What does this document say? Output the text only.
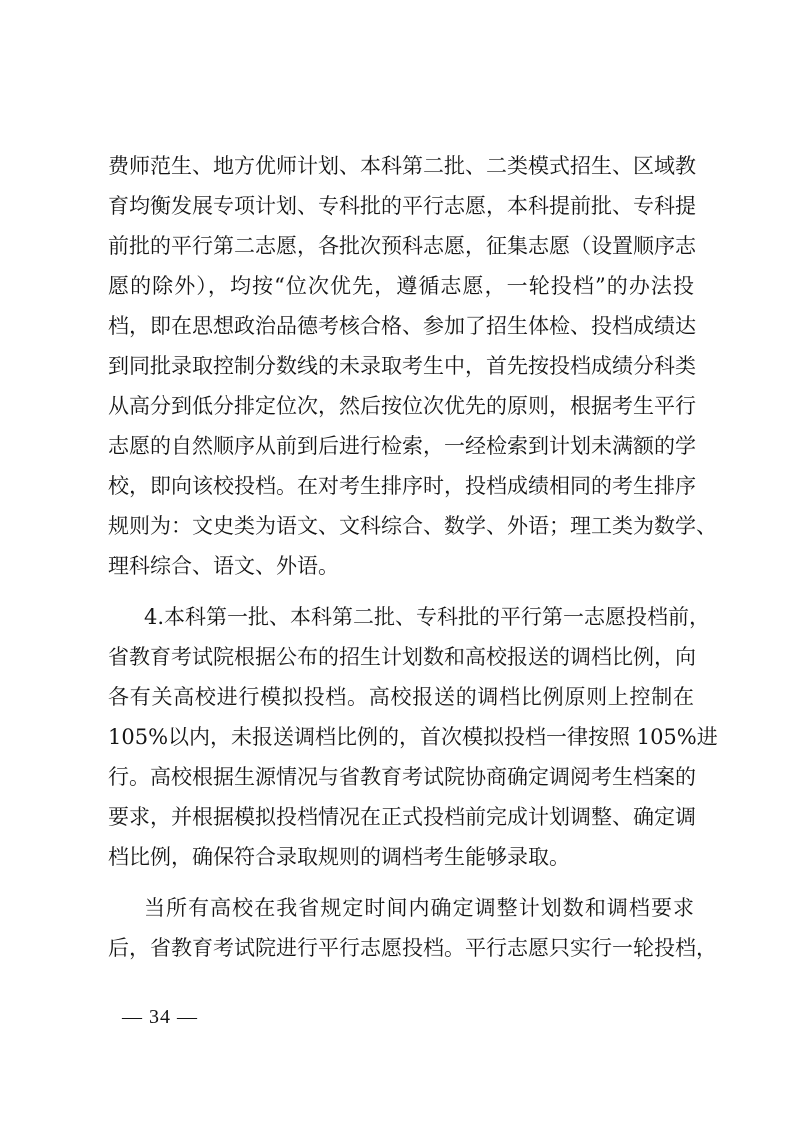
费师范生、地方优师计划、本科第二批、二类模式招生、区域教
育均衡发展专项计划、专科批的平行志愿，本科提前批、专科提
前批的平行第二志愿，各批次预科志愿，征集志愿（设置顺序志
愿的除外），均按“位次优先，遵循志愿，一轮投档”的办法投
档，即在思想政治品德考核合格、参加了招生体检、投档成绩达
到同批录取控制分数线的未录取考生中，首先按投档成绩分科类
从高分到低分排定位次，然后按位次优先的原则，根据考生平行
志愿的自然顺序从前到后进行检索，一经检索到计划未满额的学
校，即向该校投档。在对考生排序时，投档成绩相同的考生排序
规则为：文史类为语文、文科综合、数学、外语；理工类为数学、
理科综合、语文、外语。
4.本科第一批、本科第二批、专科批的平行第一志愿投档前，
省教育考试院根据公布的招生计划数和高校报送的调档比例，向
各有关高校进行模拟投档。高校报送的调档比例原则上控制在
105%以内，未报送调档比例的，首次模拟投档一律按照 105%进
行。高校根据生源情况与省教育考试院协商确定调阅考生档案的
要求，并根据模拟投档情况在正式投档前完成计划调整、确定调
档比例，确保符合录取规则的调档考生能够录取。
当所有高校在我省规定时间内确定调整计划数和调档要求
后，省教育考试院进行平行志愿投档。平行志愿只实行一轮投档，
— 34 —
